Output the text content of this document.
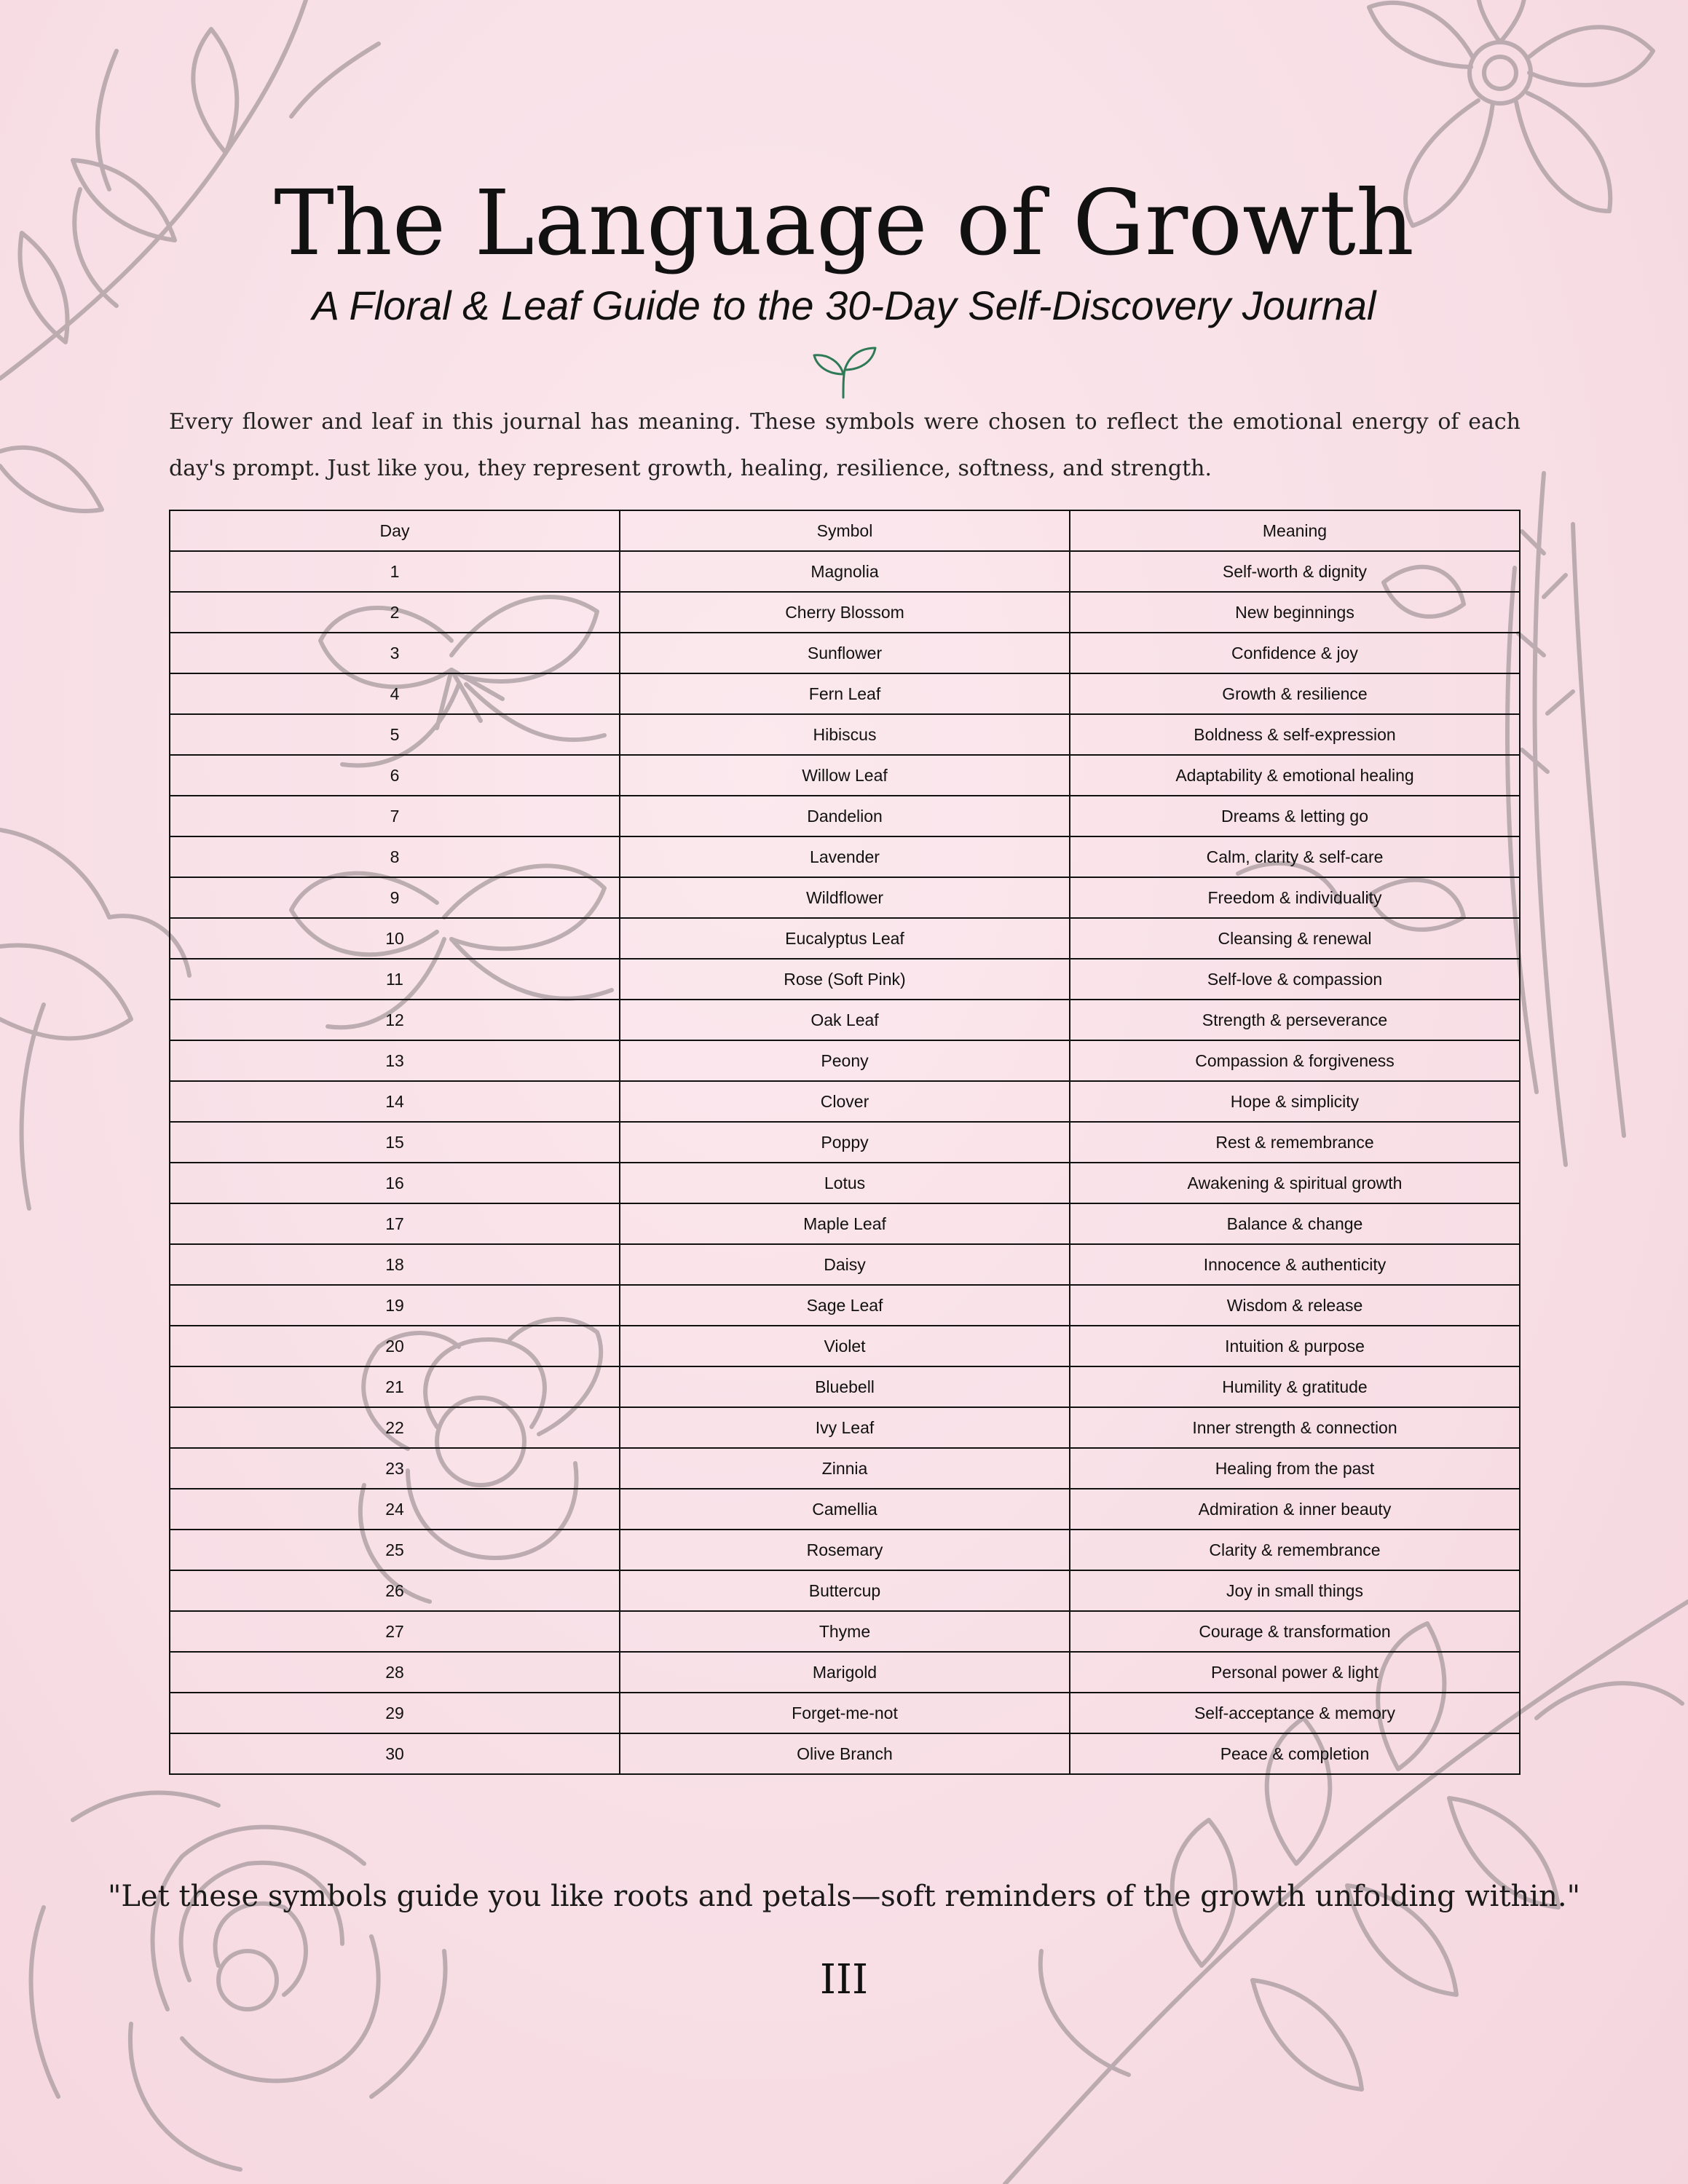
The Language of Growth
A Floral & Leaf Guide to the 30-Day Self-Discovery Journal
Every flower and leaf in this journal has meaning. These symbols were chosen to reflect the emotional energy of each day's prompt. Just like you, they represent growth, healing, resilience, softness, and strength.
Day	Symbol	Meaning
1	Magnolia	Self-worth & dignity
2	Cherry Blossom	New beginnings
3	Sunflower	Confidence & joy
4	Fern Leaf	Growth & resilience
5	Hibiscus	Boldness & self-expression
6	Willow Leaf	Adaptability & emotional healing
7	Dandelion	Dreams & letting go
8	Lavender	Calm, clarity & self-care
9	Wildflower	Freedom & individuality
10	Eucalyptus Leaf	Cleansing & renewal
11	Rose (Soft Pink)	Self-love & compassion
12	Oak Leaf	Strength & perseverance
13	Peony	Compassion & forgiveness
14	Clover	Hope & simplicity
15	Poppy	Rest & remembrance
16	Lotus	Awakening & spiritual growth
17	Maple Leaf	Balance & change
18	Daisy	Innocence & authenticity
19	Sage Leaf	Wisdom & release
20	Violet	Intuition & purpose
21	Bluebell	Humility & gratitude
22	Ivy Leaf	Inner strength & connection
23	Zinnia	Healing from the past
24	Camellia	Admiration & inner beauty
25	Rosemary	Clarity & remembrance
26	Buttercup	Joy in small things
27	Thyme	Courage & transformation
28	Marigold	Personal power & light
29	Forget-me-not	Self-acceptance & memory
30	Olive Branch	Peace & completion
"Let these symbols guide you like roots and petals—soft reminders of the growth unfolding within."
III
